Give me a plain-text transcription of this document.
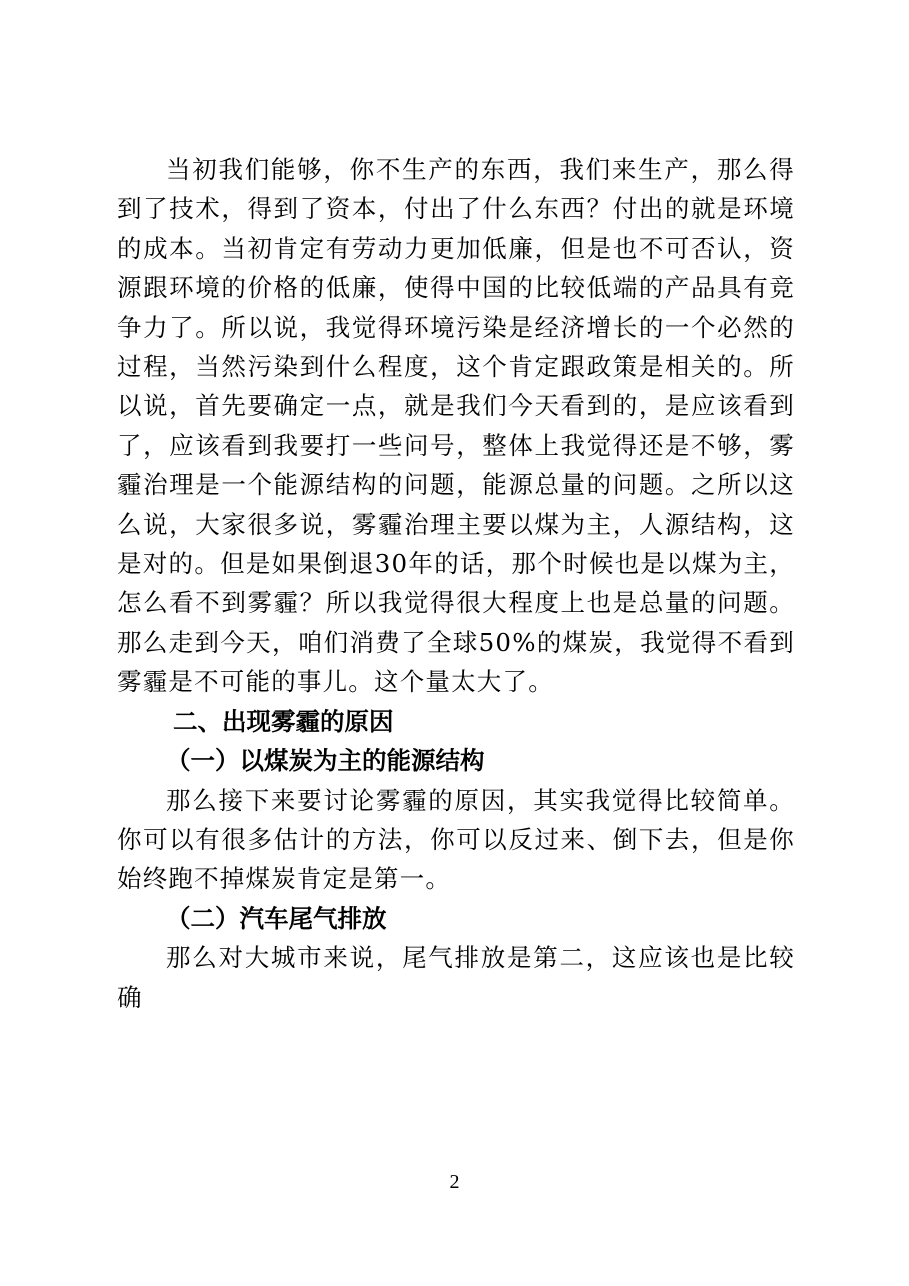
当初我们能够，你不生产的东西，我们来生产，那么得到了技术，得到了资本，付出了什么东西？付出的就是环境的成本。当初肯定有劳动力更加低廉，但是也不可否认，资源跟环境的价格的低廉，使得中国的比较低端的产品具有竞争力了。所以说，我觉得环境污染是经济增长的一个必然的过程，当然污染到什么程度，这个肯定跟政策是相关的。所以说，首先要确定一点，就是我们今天看到的，是应该看到了，应该看到我要打一些问号，整体上我觉得还是不够，雾霾治理是一个能源结构的问题，能源总量的问题。之所以这么说，大家很多说，雾霾治理主要以煤为主，人源结构，这是对的。但是如果倒退30年的话，那个时候也是以煤为主，怎么看不到雾霾？所以我觉得很大程度上也是总量的问题。那么走到今天，咱们消费了全球50%的煤炭，我觉得不看到雾霾是不可能的事儿。这个量太大了。

二、出现雾霾的原因

（一）以煤炭为主的能源结构

那么接下来要讨论雾霾的原因，其实我觉得比较简单。你可以有很多估计的方法，你可以反过来、倒下去，但是你始终跑不掉煤炭肯定是第一。

（二）汽车尾气排放

那么对大城市来说，尾气排放是第二，这应该也是比较确

2
